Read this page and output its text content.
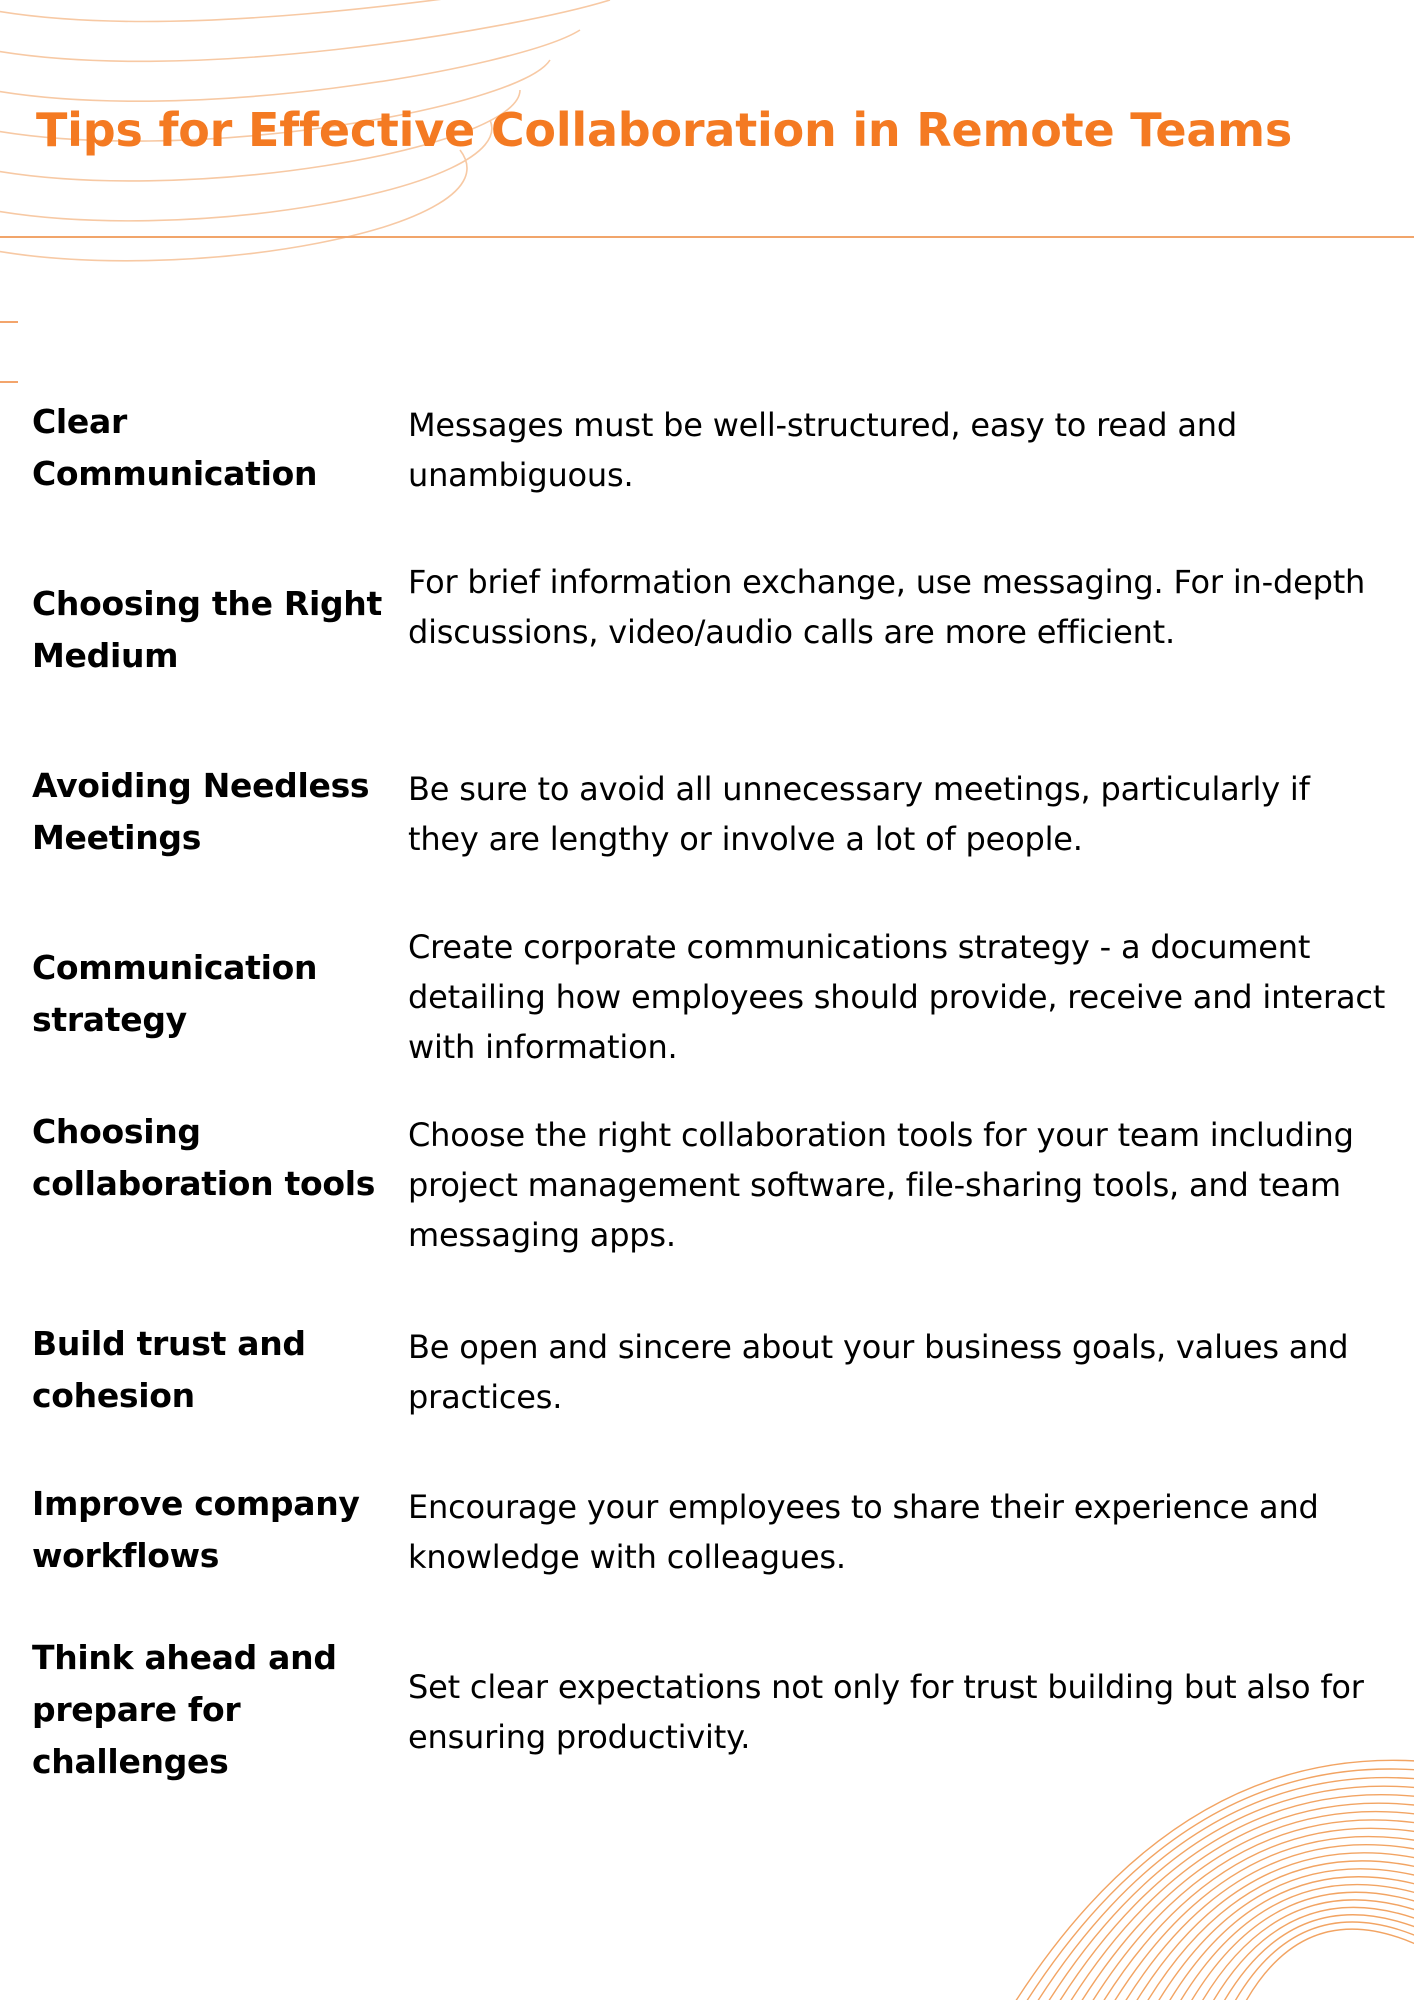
Tips for Effective Collaboration in Remote Teams

Clear Communication

Messages must be well-structured, easy to read and unambiguous.

Choosing the Right Medium

For brief information exchange, use messaging. For in-depth discussions, video/audio calls are more efficient.

Avoiding Needless Meetings

Be sure to avoid all unnecessary meetings, particularly if they are lengthy or involve a lot of people.

Communication strategy

Create corporate communications strategy - a document detailing how employees should provide, receive and interact with information.

Choosing collaboration tools

Choose the right collaboration tools for your team including project management software, file-sharing tools, and team messaging apps.

Build trust and cohesion

Be open and sincere about your business goals, values and practices.

Improve company workflows

Encourage your employees to share their experience and knowledge with colleagues.

Think ahead and prepare for challenges

Set clear expectations not only for trust building but also for ensuring productivity.
